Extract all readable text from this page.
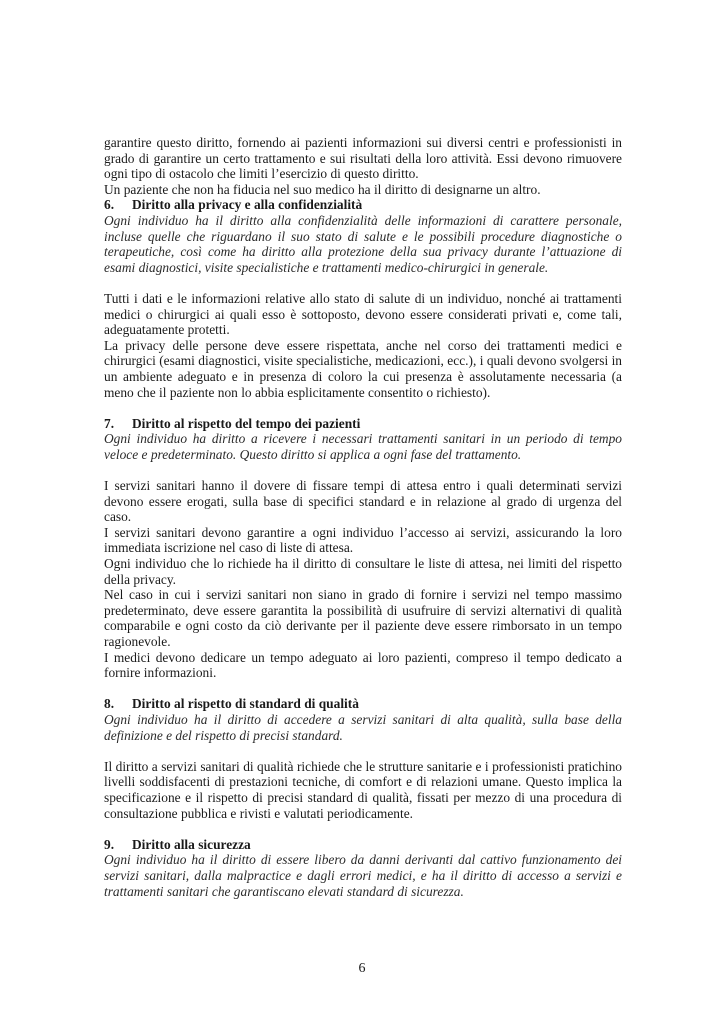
garantire questo diritto, fornendo ai pazienti informazioni sui diversi centri e professionisti in grado di garantire un certo trattamento e sui risultati della loro attività. Essi devono rimuovere ogni tipo di ostacolo che limiti l’esercizio di questo diritto.

Un paziente che non ha fiducia nel suo medico ha il diritto di designarne un altro.

6.	Diritto alla privacy e alla confidenzialità

Ogni individuo ha il diritto alla confidenzialità delle informazioni di carattere personale, incluse quelle che riguardano il suo stato di salute e le possibili procedure diagnostiche o terapeutiche, così come ha diritto alla protezione della sua privacy durante l’attuazione di esami diagnostici, visite specialistiche e trattamenti medico-chirurgici in generale.

Tutti i dati e le informazioni relative allo stato di salute di un individuo, nonché ai trattamenti medici o chirurgici ai quali esso è sottoposto, devono essere considerati privati e, come tali, adeguatamente protetti.

La privacy delle persone deve essere rispettata, anche nel corso dei trattamenti medici e chirurgici (esami diagnostici, visite specialistiche, medicazioni, ecc.), i quali devono svolgersi in un ambiente adeguato e in presenza di coloro la cui presenza è assolutamente necessaria (a meno che il paziente non lo abbia esplicitamente consentito o richiesto).

7.	Diritto al rispetto del tempo dei pazienti

Ogni individuo ha diritto a ricevere i necessari trattamenti sanitari in un periodo di tempo veloce e predeterminato. Questo diritto si applica a ogni fase del trattamento.

I servizi sanitari hanno il dovere di fissare tempi di attesa entro i quali determinati servizi devono essere erogati, sulla base di specifici standard e in relazione al grado di urgenza del caso.

I servizi sanitari devono garantire a ogni individuo l’accesso ai servizi, assicurando la loro immediata iscrizione nel caso di liste di attesa.

Ogni individuo che lo richiede ha il diritto di consultare le liste di attesa, nei limiti del rispetto della privacy.

Nel caso in cui i servizi sanitari non siano in grado di fornire i servizi nel tempo massimo predeterminato, deve essere garantita la possibilità di usufruire di servizi alternativi di qualità comparabile e ogni costo da ciò derivante per il paziente deve essere rimborsato in un tempo ragionevole.

I medici devono dedicare un tempo adeguato ai loro pazienti, compreso il tempo dedicato a fornire informazioni.

8.	Diritto al rispetto di standard di qualità

Ogni individuo ha il diritto di accedere a servizi sanitari di alta qualità, sulla base della definizione e del rispetto di precisi standard.

Il diritto a servizi sanitari di qualità richiede che le strutture sanitarie e i professionisti pratichino livelli soddisfacenti di prestazioni tecniche, di comfort e di relazioni umane. Questo implica la specificazione e il rispetto di precisi standard di qualità, fissati per mezzo di una procedura di consultazione pubblica e rivisti e valutati periodicamente.

9.	Diritto alla sicurezza

Ogni individuo ha il diritto di essere libero da danni derivanti dal cattivo funzionamento dei servizi sanitari, dalla malpractice e dagli errori medici, e ha il diritto di accesso a servizi e trattamenti sanitari che garantiscano elevati standard di sicurezza.

6
